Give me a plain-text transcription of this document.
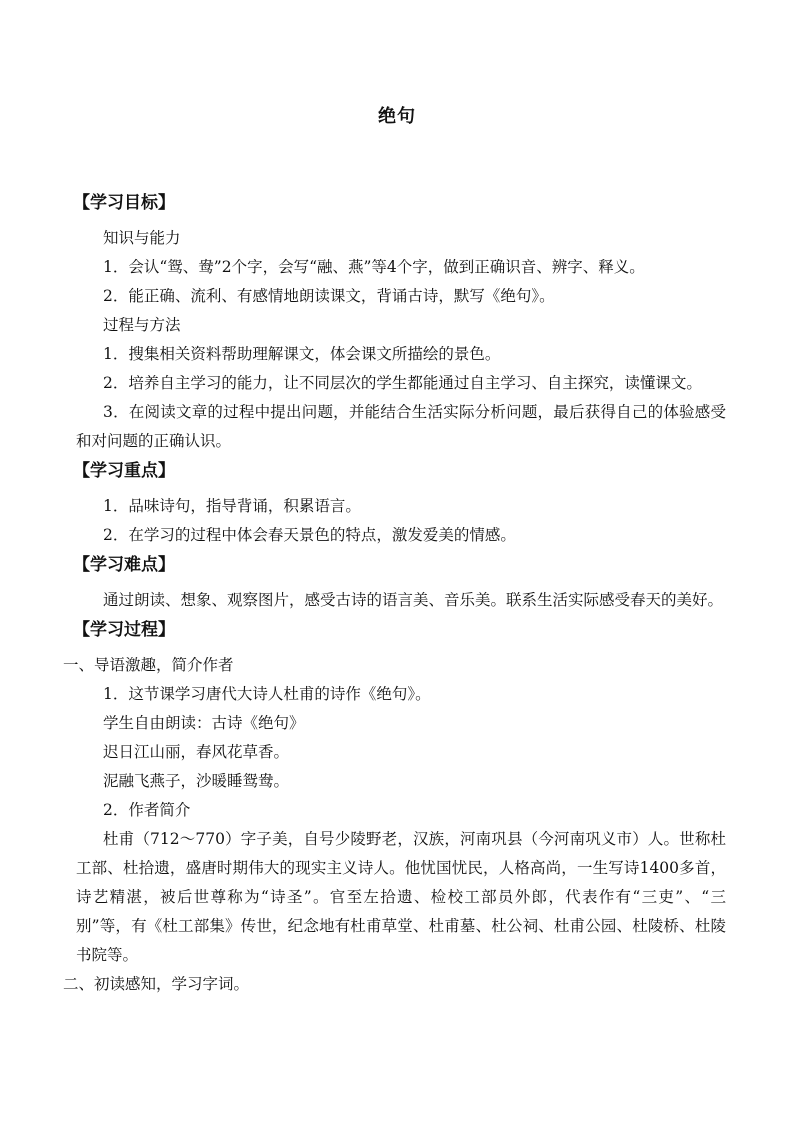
绝句
【学习目标】
知识与能力
1．会认“鸳、鸯”2个字，会写“融、燕”等4个字，做到正确识音、辨字、释义。
2．能正确、流利、有感情地朗读课文，背诵古诗，默写《绝句》。
过程与方法
1．搜集相关资料帮助理解课文，体会课文所描绘的景色。
2．培养自主学习的能力，让不同层次的学生都能通过自主学习、自主探究，读懂课文。
3．在阅读文章的过程中提出问题，并能结合生活实际分析问题，最后获得自己的体验感受和对问题的正确认识。
【学习重点】
1．品味诗句，指导背诵，积累语言。
2．在学习的过程中体会春天景色的特点，激发爱美的情感。
【学习难点】
通过朗读、想象、观察图片，感受古诗的语言美、音乐美。联系生活实际感受春天的美好。
【学习过程】
一、导语激趣，简介作者
1．这节课学习唐代大诗人杜甫的诗作《绝句》。
学生自由朗读：古诗《绝句》
迟日江山丽，春风花草香。
泥融飞燕子，沙暖睡鸳鸯。
2．作者简介
杜甫（712～770）字子美，自号少陵野老，汉族，河南巩县（今河南巩义市）人。世称杜工部、杜拾遗，盛唐时期伟大的现实主义诗人。他忧国忧民，人格高尚，一生写诗1400多首，诗艺精湛，被后世尊称为“诗圣”。官至左拾遗、检校工部员外郎，代表作有“三吏”、“三别”等，有《杜工部集》传世，纪念地有杜甫草堂、杜甫墓、杜公祠、杜甫公园、杜陵桥、杜陵书院等。
二、初读感知，学习字词。
